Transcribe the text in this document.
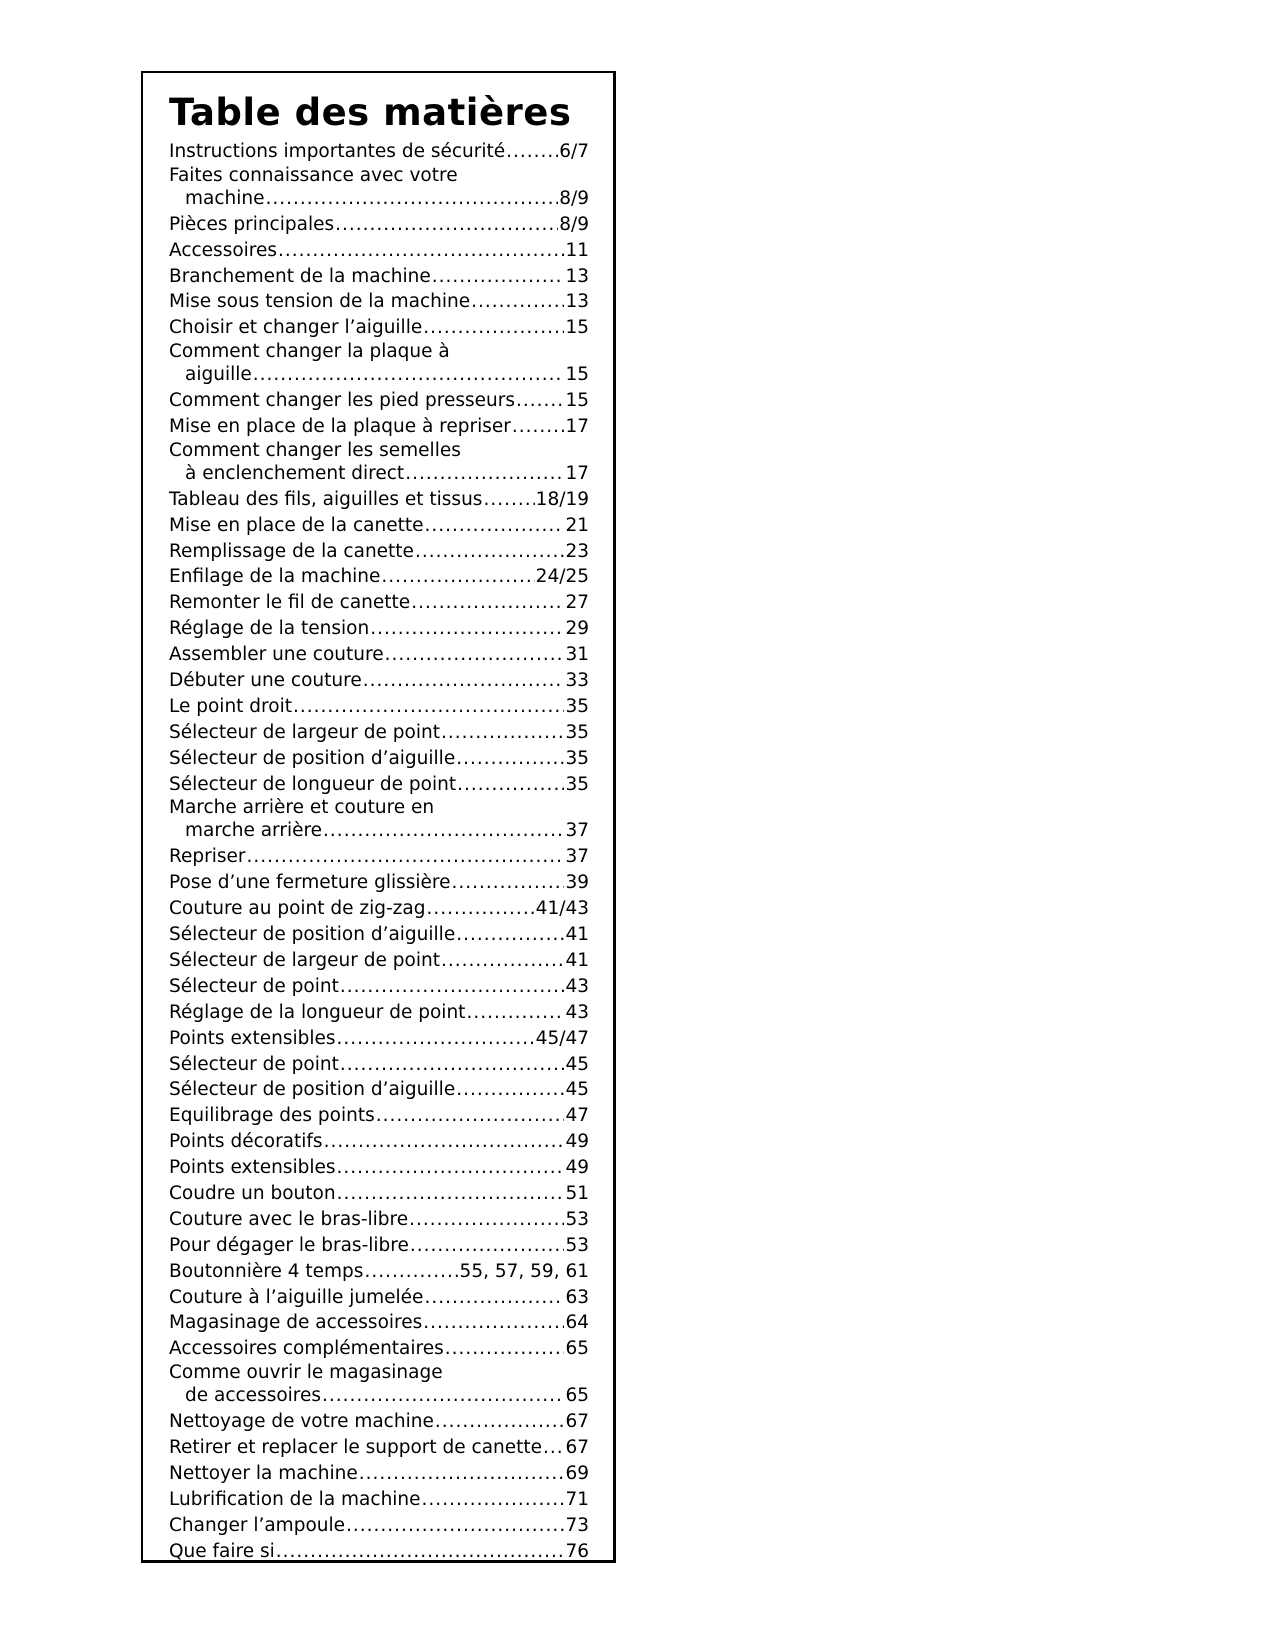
Table des matières
Instructions importantes de sécurité .....	6/7
Faites connaissance avec votre
machine .....	8/9
Pièces principales .....	8/9
Accessoires .....	11
Branchement de la machine .....	13
Mise sous tension de la machine .....	13
Choisir et changer l’aiguille .....	15
Comment changer la plaque à
aiguille .....	15
Comment changer les pied presseurs .....	15
Mise en place de la plaque à repriser .....	17
Comment changer les semelles
à enclenchement direct .....	17
Tableau des fils, aiguilles et tissus .....	18/19
Mise en place de la canette .....	21
Remplissage de la canette .....	23
Enfilage de la machine .....	24/25
Remonter le fil de canette .....	27
Réglage de la tension .....	29
Assembler une couture .....	31
Débuter une couture .....	33
Le point droit .....	35
Sélecteur de largeur de point .....	35
Sélecteur de position d’aiguille .....	35
Sélecteur de longueur de point .....	35
Marche arrière et couture en
marche arrière .....	37
Repriser .....	37
Pose d’une fermeture glissière .....	39
Couture au point de zig-zag .....	41/43
Sélecteur de position d’aiguille .....	41
Sélecteur de largeur de point .....	41
Sélecteur de point .....	43
Réglage de la longueur de point .....	43
Points extensibles .....	45/47
Sélecteur de point .....	45
Sélecteur de position d’aiguille .....	45
Equilibrage des points .....	47
Points décoratifs .....	49
Points extensibles .....	49
Coudre un bouton .....	51
Couture avec le bras-libre .....	53
Pour dégager le bras-libre .....	53
Boutonnière 4 temps .....	55, 57, 59, 61
Couture à l’aiguille jumelée .....	63
Magasinage de accessoires .....	64
Accessoires complémentaires .....	65
Comme ouvrir le magasinage
de accessoires .....	65
Nettoyage de votre machine .....	67
Retirer et replacer le support de canette ..... 67
Nettoyer la machine .....	69
Lubrification de la machine .....	71
Changer l’ampoule .....	73
Que faire si .....	76
